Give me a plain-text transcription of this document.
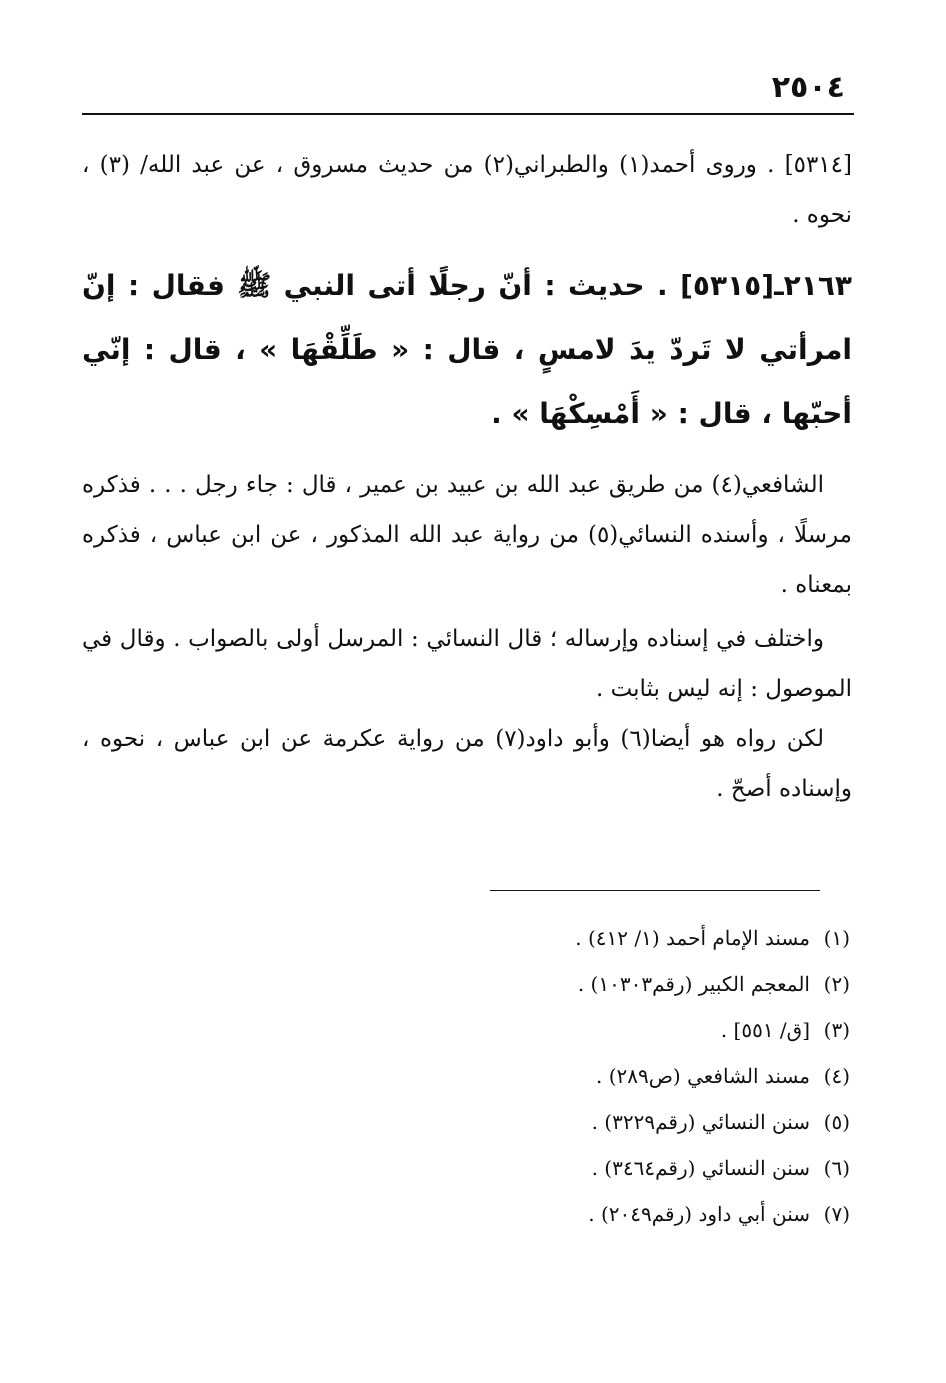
٢٥٠٤

[٥٣١٤] . وروى أحمد(١) والطبراني(٢) من حديث مسروق ، عن عبد الله/ (٣) ، نحوه .

٢١٦٣ـ[٥٣١٥] . حديث : أنّ رجلًا أتى النبي ﷺ فقال : إنّ امرأتي لا تَردّ يدَ لامسٍ ، قال : « طَلِّقْهَا » ، قال : إنّي أحبّها ، قال : « أَمْسِكْهَا » .

الشافعي(٤) من طريق عبد الله بن عبيد بن عمير ، قال : جاء رجل . . . فذكره مرسلًا ، وأسنده النسائي(٥) من رواية عبد الله المذكور ، عن ابن عباس ، فذكره بمعناه .

واختلف في إسناده وإرساله ؛ قال النسائي : المرسل أولى بالصواب . وقال في الموصول : إنه ليس بثابت .

لكن رواه هو أيضا(٦) وأبو داود(٧) من رواية عكرمة عن ابن عباس ، نحوه ، وإسناده أصحّ .

(١)مسند الإمام أحمد (١/ ٤١٢) .
(٢)المعجم الكبير (رقم١٠٣٠٣) .
(٣)[ق/ ٥٥١] .
(٤)مسند الشافعي (ص٢٨٩) .
(٥)سنن النسائي (رقم٣٢٢٩) .
(٦)سنن النسائي (رقم٣٤٦٤) .
(٧)سنن أبي داود (رقم٢٠٤٩) .
